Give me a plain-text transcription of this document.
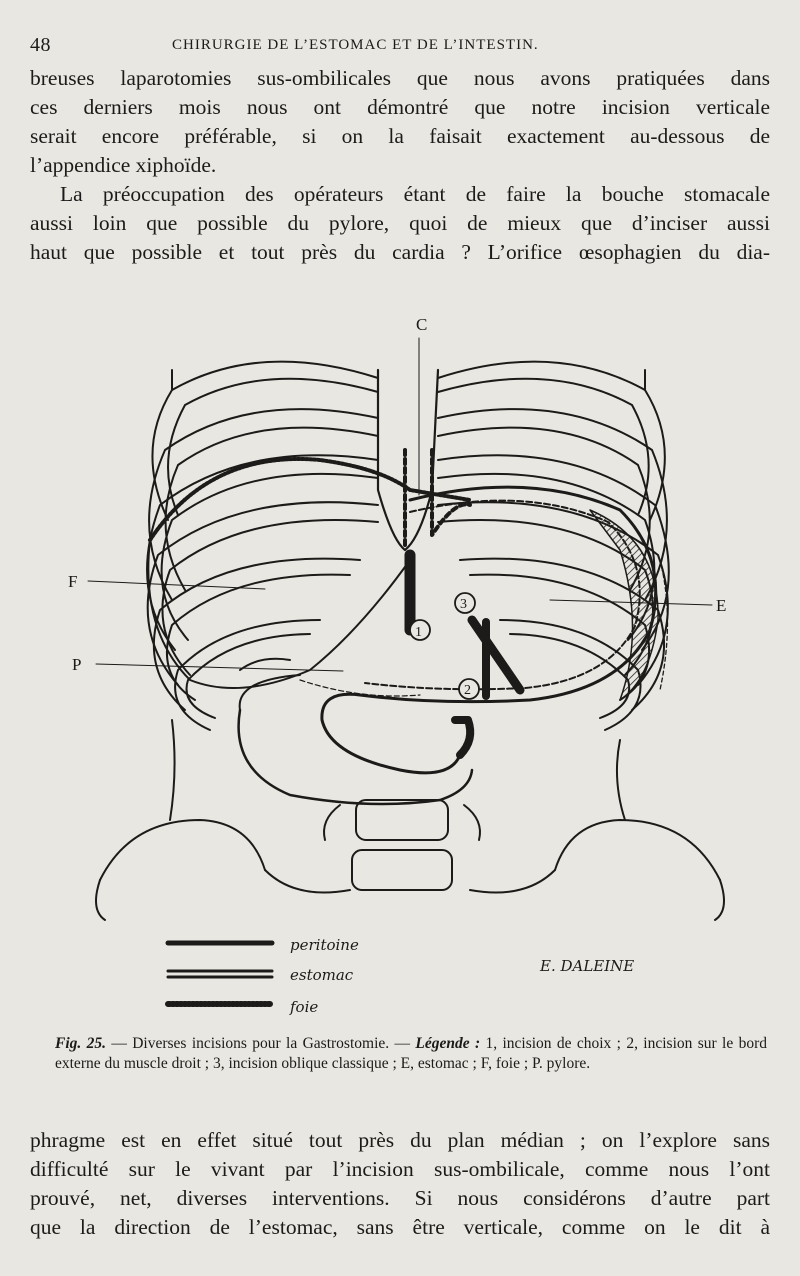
48	CHIRURGIE DE L’ESTOMAC ET DE L’INTESTIN.

breuses laparotomies sus-ombilicales que nous avons pratiquées dans
ces derniers mois nous ont démontré que notre incision verticale
serait encore préférable, si on la faisait exactement au-dessous de
l’appendice xiphoïde.

La préoccupation des opérateurs étant de faire la bouche stomacale
aussi loin que possible du pylore, quoi de mieux que d’inciser aussi
haut que possible et tout près du cardia ? L’orifice œsophagien du dia-

C
F
P
E
1
2
3
peritoine
estomac
foie
E. DALEINE
Fig. 25. — Diverses incisions pour la Gastrostomie. — Légende : 1, incision de choix ; 2, incision sur le bord externe du muscle droit ; 3, incision oblique classique ; E, estomac ; F, foie ; P. pylore.

phragme est en effet situé tout près du plan médian ; on l’explore sans
difficulté sur le vivant par l’incision sus-ombilicale, comme nous l’ont
prouvé, net, diverses interventions. Si nous considérons d’autre part
que la direction de l’estomac, sans être verticale, comme on le dit à
